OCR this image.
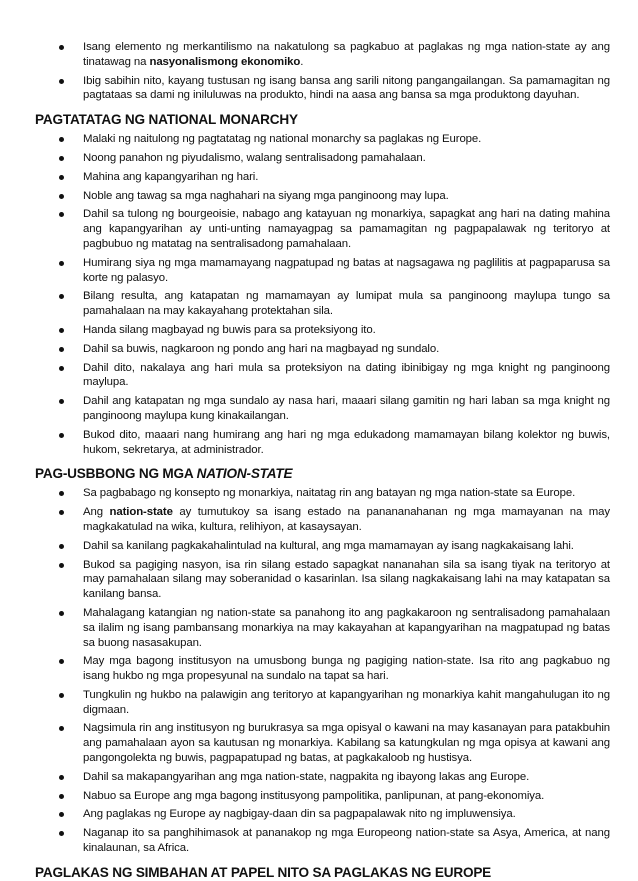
Isang elemento ng merkantilismo na nakatulong sa pagkabuo at paglakas ng mga nation-state ay ang tinatawag na nasyonalismong ekonomiko.
Ibig sabihin nito, kayang tustusan ng isang bansa ang sarili nitong pangangailangan. Sa pamamagitan ng pagtataas sa dami ng iniluluwas na produkto, hindi na aasa ang bansa sa mga produktong dayuhan.
PAGTATATAG NG NATIONAL MONARCHY
Malaki ng naitulong ng pagtatatag ng national monarchy sa paglakas ng Europe.
Noong panahon ng piyudalismo, walang sentralisadong pamahalaan.
Mahina ang kapangyarihan ng hari.
Noble ang tawag sa mga naghahari na siyang mga panginoong may lupa.
Dahil sa tulong ng bourgeoisie, nabago ang katayuan ng monarkiya, sapagkat ang hari na dating mahina ang kapangyarihan ay unti-unting namayagpag sa pamamagitan ng pagpapalawak ng teritoryo at pagbubuo ng matatag na sentralisadong pamahalaan.
Humirang siya ng mga mamamayang nagpatupad ng batas at nagsagawa ng paglilitis at pagpaparusa sa korte ng palasyo.
Bilang resulta, ang katapatan ng mamamayan ay lumipat mula sa panginoong maylupa tungo sa pamahalaan na may kakayahang protektahan sila.
Handa silang magbayad ng buwis para sa proteksiyong ito.
Dahil sa buwis, nagkaroon ng pondo ang hari na magbayad ng sundalo.
Dahil dito, nakalaya ang hari mula sa proteksiyon na dating ibinibigay ng mga knight ng panginoong maylupa.
Dahil ang katapatan ng mga sundalo ay nasa hari, maaari silang gamitin ng hari laban sa mga knight ng panginoong maylupa kung kinakailangan.
Bukod dito, maaari nang humirang ang hari ng mga edukadong mamamayan bilang kolektor ng buwis, hukom, sekretarya, at administrador.
PAG-USBBONG NG MGA NATION-STATE
Sa pagbabago ng konsepto ng monarkiya, naitatag rin ang batayan ng mga nation-state sa Europe.
Ang nation-state ay tumutukoy sa isang estado na panananahanan ng mga mamayanan na may magkakatulad na wika, kultura, relihiyon, at kasaysayan.
Dahil sa kanilang pagkakahalintulad na kultural, ang mga mamamayan ay isang nagkakaisang lahi.
Bukod sa pagiging nasyon, isa rin silang estado sapagkat nananahan sila sa isang tiyak na teritoryo at may pamahalaan silang may soberanidad o kasarinlan. Isa silang nagkakaisang lahi na may katapatan sa kanilang bansa.
Mahalagang katangian ng nation-state sa panahong ito ang pagkakaroon ng sentralisadong pamahalaan sa ilalim ng isang pambansang monarkiya na may kakayahan at kapangyarihan na magpatupad ng batas sa buong nasasakupan.
May mga bagong institusyon na umusbong bunga ng pagiging nation-state. Isa rito ang pagkabuo ng isang hukbo ng mga propesyunal na sundalo na tapat sa hari.
Tungkulin ng hukbo na palawigin ang teritoryo at kapangyarihan ng monarkiya kahit mangahulugan ito ng digmaan.
Nagsimula rin ang institusyon ng burukrasya sa mga opisyal o kawani na may kasanayan para patakbuhin ang pamahalaan ayon sa kautusan ng monarkiya. Kabilang sa katungkulan ng mga opisya at kawani ang pangongolekta ng buwis, pagpapatupad ng batas, at pagkakaloob ng hustisya.
Dahil sa makapangyarihan ang mga nation-state, nagpakita ng ibayong lakas ang Europe.
Nabuo sa Europe ang mga bagong institusyong pampolitika, panlipunan, at pang-ekonomiya.
Ang paglakas ng Europe ay nagbigay-daan din sa pagpapalawak nito ng impluwensiya.
Naganap ito sa panghihimasok at pananakop ng mga Europeong nation-state sa Asya, America, at nang kinalaunan, sa Africa.
PAGLAKAS NG SIMBAHAN AT PAPEL NITO SA PAGLAKAS NG EUROPE
